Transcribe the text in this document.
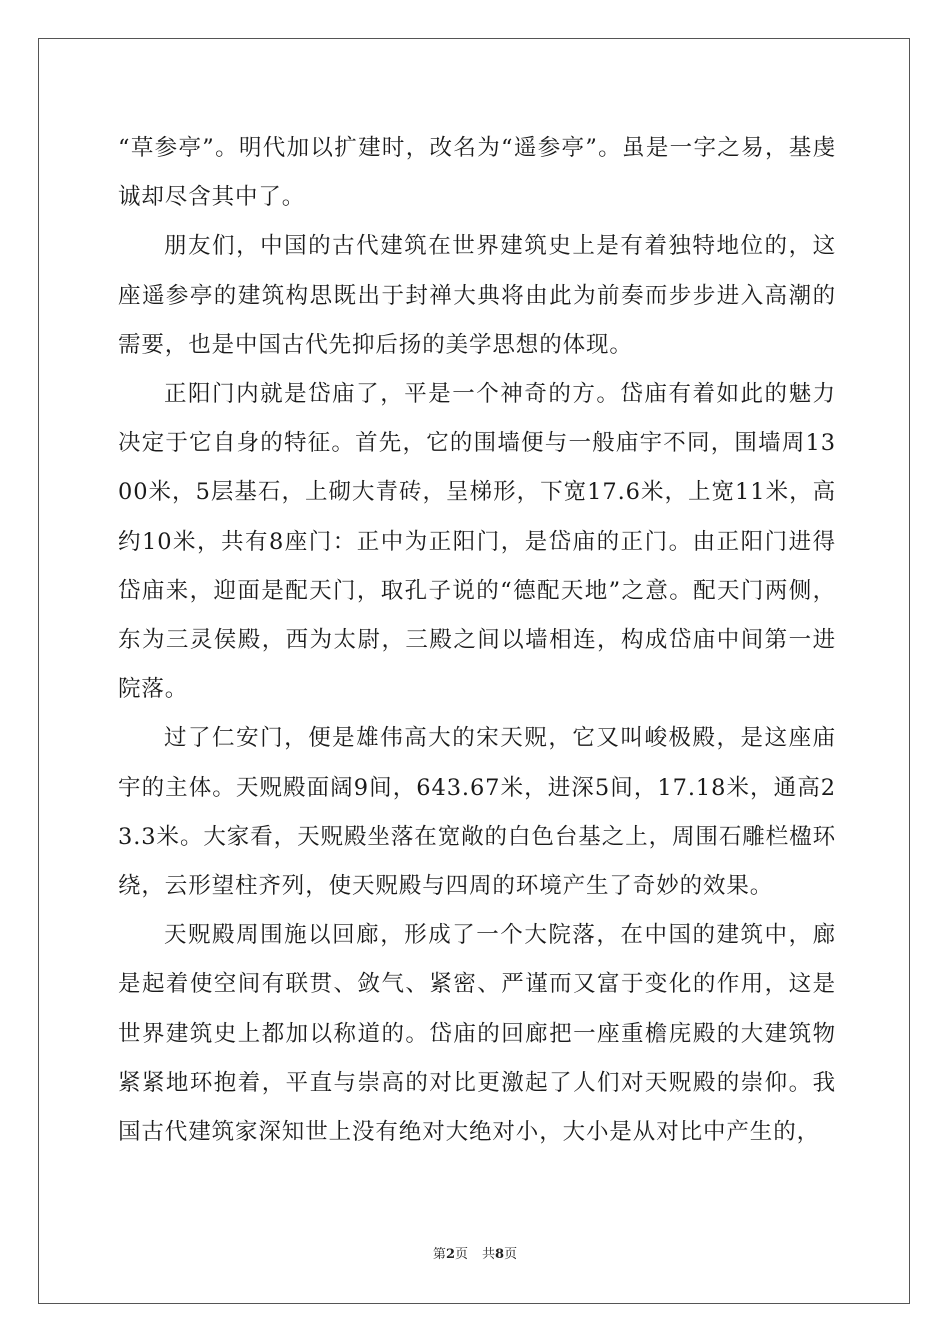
“草参亭”。明代加以扩建时，改名为“遥参亭”。虽是一字之易，基虔诚却尽含其中了。

朋友们，中国的古代建筑在世界建筑史上是有着独特地位的，这座遥参亭的建筑构思既出于封禅大典将由此为前奏而步步进入高潮的需要，也是中国古代先抑后扬的美学思想的体现。

正阳门内就是岱庙了，平是一个神奇的方。岱庙有着如此的魅力决定于它自身的特征。首先，它的围墙便与一般庙宇不同，围墙周1300米，5层基石，上砌大青砖，呈梯形，下宽17.6米，上宽11米，高约10米，共有8座门：正中为正阳门，是岱庙的正门。由正阳门进得岱庙来，迎面是配天门，取孔子说的“德配天地”之意。配天门两侧，东为三灵侯殿，西为太尉，三殿之间以墙相连，构成岱庙中间第一进院落。

过了仁安门，便是雄伟高大的宋天贶，它又叫峻极殿，是这座庙宇的主体。天贶殿面阔9间，643.67米，进深5间，17.18米，通高23.3米。大家看，天贶殿坐落在宽敞的白色台基之上，周围石雕栏楹环绕，云形望柱齐列，使天贶殿与四周的环境产生了奇妙的效果。

天贶殿周围施以回廊，形成了一个大院落，在中国的建筑中，廊是起着使空间有联贯、敛气、紧密、严谨而又富于变化的作用，这是世界建筑史上都加以称道的。岱庙的回廊把一座重檐庑殿的大建筑物紧紧地环抱着，平直与崇高的对比更激起了人们对天贶殿的崇仰。我国古代建筑家深知世上没有绝对大绝对小，大小是从对比中产生的，

第2页 共8页
